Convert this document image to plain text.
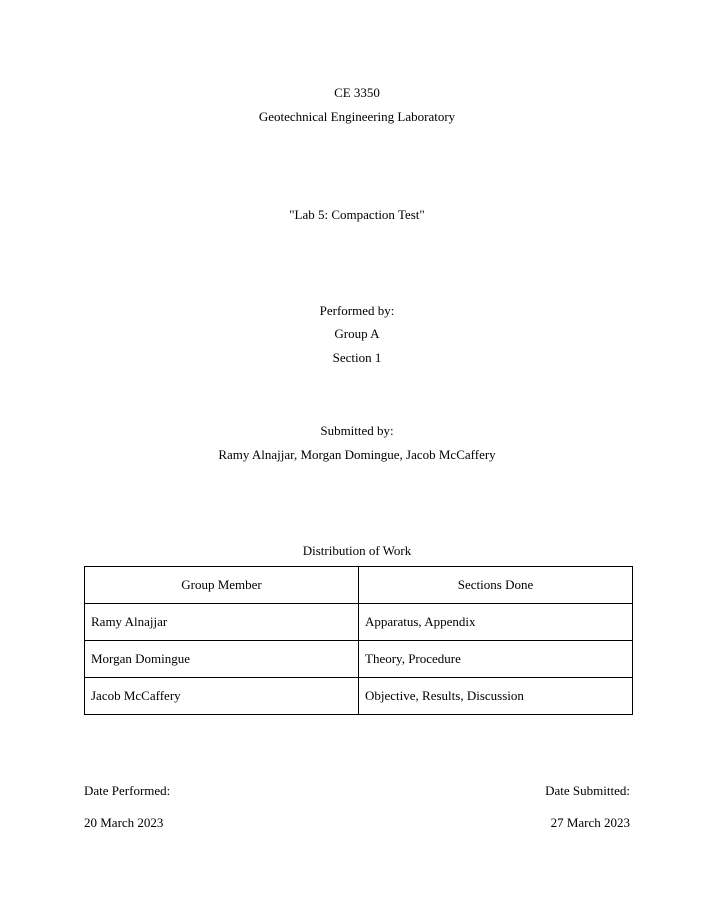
CE 3350
Geotechnical Engineering Laboratory
"Lab 5: Compaction Test"
Performed by:
Group A
Section 1
Submitted by:
Ramy Alnajjar, Morgan Domingue, Jacob McCaffery
Distribution of Work
Group Member	Sections Done
Ramy Alnajjar	Apparatus, Appendix
Morgan Domingue	Theory, Procedure
Jacob McCaffery	Objective, Results, Discussion
Date Performed:
20 March 2023
Date Submitted:
27 March 2023
